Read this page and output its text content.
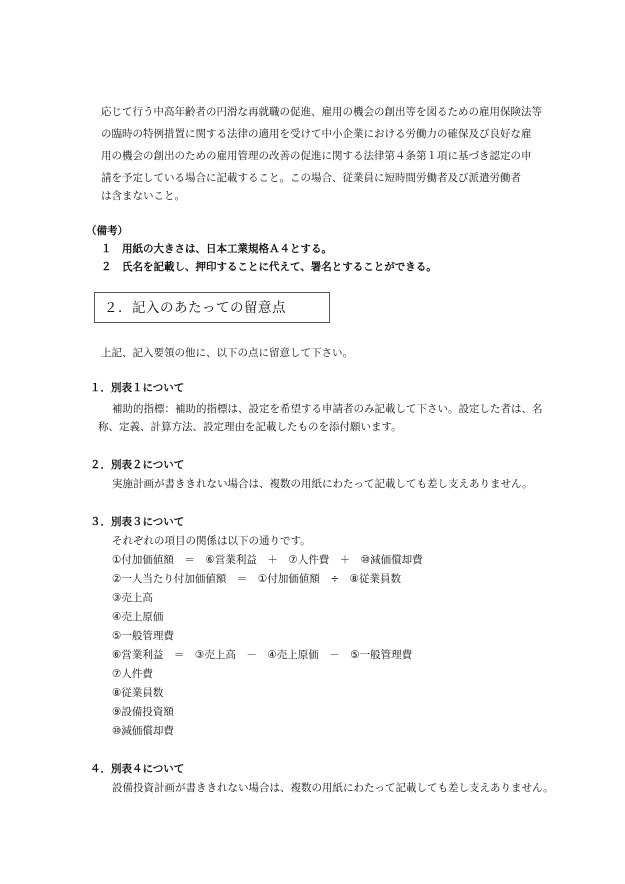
応じて行う中高年齢者の円滑な再就職の促進、雇用の機会の創出等を図るための雇用保険法等

の臨時の特例措置に関する法律の適用を受けて中小企業における労働力の確保及び良好な雇

用の機会の創出のための雇用管理の改善の促進に関する法律第４条第１項に基づき認定の申

請を予定している場合に記載すること。この場合、従業員に短時間労働者及び派遣労働者

は含まないこと。

（備考）

１　用紙の大きさは、日本工業規格Ａ４とする。

２　氏名を記載し、押印することに代えて、署名とすることができる。

２．記入のあたっての留意点

上記、記入要領の他に、以下の点に留意して下さい。

１．別表１について

補助的指標：補助的指標は、設定を希望する申請者のみ記載して下さい。設定した者は、名

称、定義、計算方法、設定理由を記載したものを添付願います。

２．別表２について

実施計画が書ききれない場合は、複数の用紙にわたって記載しても差し支えありません。

３．別表３について

それぞれの項目の関係は以下の通りです。

①付加価値額　＝　⑥営業利益　＋　⑦人件費　＋　⑩減価償却費

②一人当たり付加価値額　＝　①付加価値額　÷　⑧従業員数

③売上高

④売上原価

⑤一般管理費

⑥営業利益　＝　③売上高　－　④売上原価　－　⑤一般管理費

⑦人件費

⑧従業員数

⑨設備投資額

⑩減価償却費

４．別表４について

設備投資計画が書ききれない場合は、複数の用紙にわたって記載しても差し支えありません。
